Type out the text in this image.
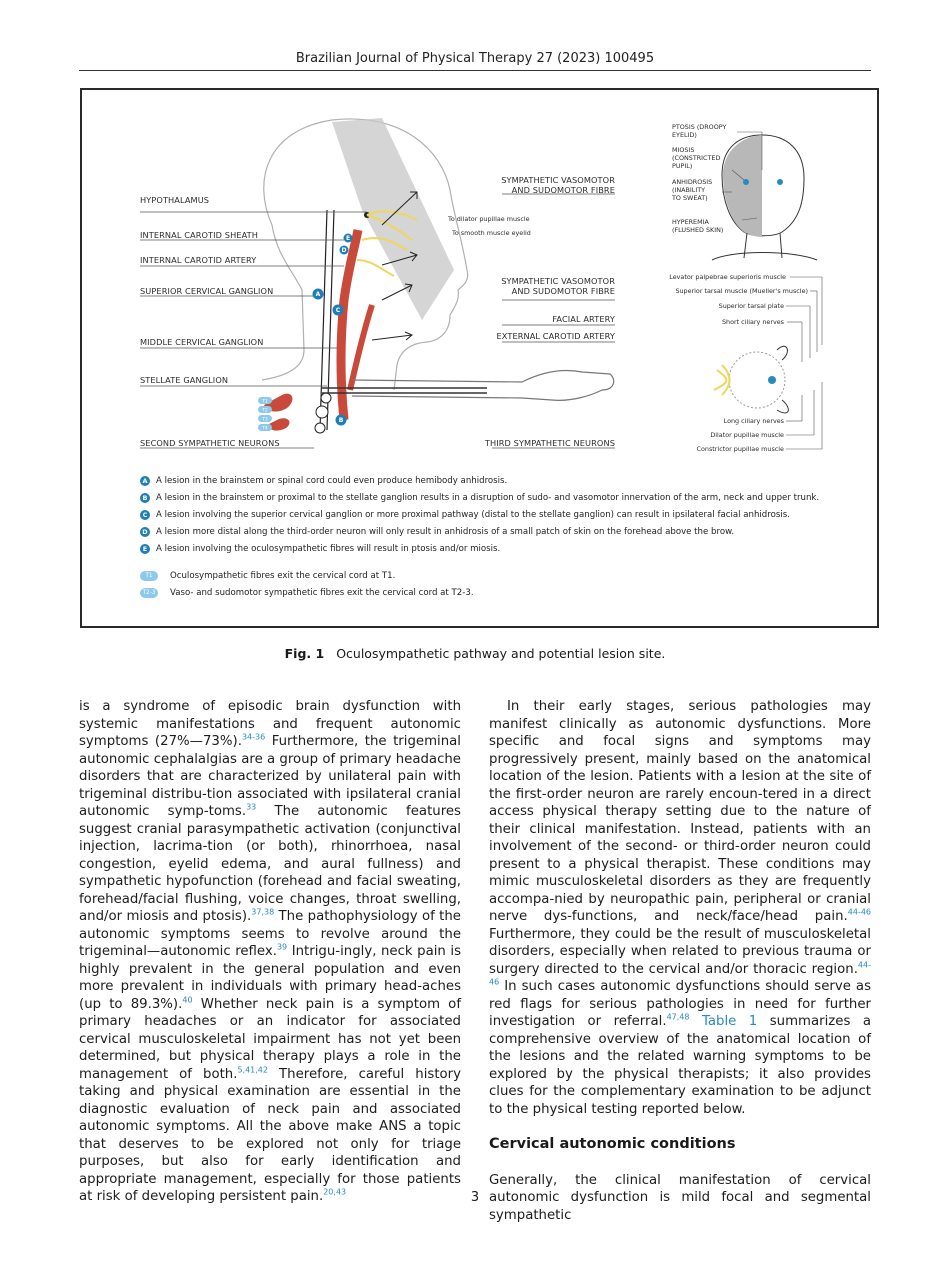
Brazilian Journal of Physical Therapy 27 (2023) 100495
A
B
C
D
E
T1
T2
T3
T4
HYPOTHALAMUS
INTERNAL CAROTID SHEATH
INTERNAL CAROTID ARTERY
SUPERIOR CERVICAL GANGLION
MIDDLE CERVICAL GANGLION
STELLATE GANGLION
SECOND SYMPATHETIC NEURONS
SYMPATHETIC VASOMOTOR
AND SUDOMOTOR FIBRE
To dilator pupillae muscle
To smooth muscle eyelid
SYMPATHETIC VASOMOTOR
AND SUDOMOTOR FIBRE
FACIAL ARTERY
EXTERNAL CAROTID ARTERY
THIRD SYMPATHETIC NEURONS
PTOSIS (DROOPY
EYELID)
MIOSIS
(CONSTRICTED
PUPIL)
ANHIDROSIS
(INABILITY
TO SWEAT)
HYPEREMIA
(FLUSHED SKIN)
Levator palpebrae superioris muscle
Superior tarsal muscle (Mueller's muscle)
Superior tarsal plate
Short ciliary nerves
Long ciliary nerves
Dilator pupillae muscle
Constrictor pupillae muscle
A A lesion in the brainstem or spinal cord could even produce hemibody anhidrosis.
B A lesion in the brainstem or proximal to the stellate ganglion results in a disruption of sudo- and vasomotor innervation of the arm, neck and upper trunk.
C	A lesion involving the superior cervical ganglion or more proximal pathway (distal to the stellate ganglion) can result in ipsilateral facial anhidrosis.
D A lesion more distal along the third-order neuron will only result in anhidrosis of a small patch of skin on the forehead above the brow.
E	A lesion involving the oculosympathetic fibres will result in ptosis and/or miosis.
T1	Oculosympathetic fibres exit the cervical cord at T1.
T2-3 Vaso- and sudomotor sympathetic fibres exit the cervical cord at T2-3.
Fig. 1 Oculosympathetic pathway and potential lesion site.

is a syndrome of episodic brain dysfunction with systemic manifestations and frequent autonomic symptoms (27%—73%).$^{34-36}$ Furthermore, the trigeminal autonomic cephalalgias are a group of primary headache disorders that are characterized by unilateral pain with trigeminal distribu-tion associated with ipsilateral cranial autonomic symp-toms.$^{33}$ The autonomic features suggest cranial parasympathetic activation (conjunctival injection, lacrima-tion (or both), rhinorrhoea, nasal congestion, eyelid edema, and aural fullness) and sympathetic hypofunction (forehead and facial sweating, forehead/facial flushing, voice changes, throat swelling, and/or miosis and ptosis).$^{37,38}$ The pathophysiology of the autonomic symptoms seems to revolve around the trigeminal—autonomic reflex.$^{39}$ Intrigu-ingly, neck pain is highly prevalent in the general population and even more prevalent in individuals with primary head-aches (up to 89.3%).$^{40}$ Whether neck pain is a symptom of primary headaches or an indicator for associated cervical musculoskeletal impairment has not yet been determined, but physical therapy plays a role in the management of both.$^{5,41,42}$ Therefore, careful history taking and physical examination are essential in the diagnostic evaluation of neck pain and associated autonomic symptoms. All the above make ANS a topic that deserves to be explored not only for triage purposes, but also for early identification and appropriate management, especially for those patients at risk of developing persistent pain.$^{20,43}$

In their early stages, serious pathologies may manifest clinically as autonomic dysfunctions. More specific and focal signs and symptoms may progressively present, mainly based on the anatomical location of the lesion. Patients with a lesion at the site of the first-order neuron are rarely encoun-tered in a direct access physical therapy setting due to the nature of their clinical manifestation. Instead, patients with an involvement of the second- or third-order neuron could present to a physical therapist. These conditions may mimic musculoskeletal disorders as they are frequently accompa-nied by neuropathic pain, peripheral or cranial nerve dys-functions, and neck/face/head pain.$^{44-46}$ Furthermore, they could be the result of musculoskeletal disorders, especially when related to previous trauma or surgery directed to the cervical and/or thoracic region.$^{44-46}$ In such cases autonomic dysfunctions should serve as red flags for serious pathologies in need for further investigation or referral.$^{47,48}$ Table 1 summarizes a comprehensive overview of the anatomical location of the lesions and the related warning symptoms to be explored by the physical therapists; it also provides clues for the complementary examination to be adjunct to the physical testing reported below.

Cervical autonomic conditions

Generally, the clinical manifestation of cervical autonomic dysfunction is mild focal and segmental sympathetic

3
